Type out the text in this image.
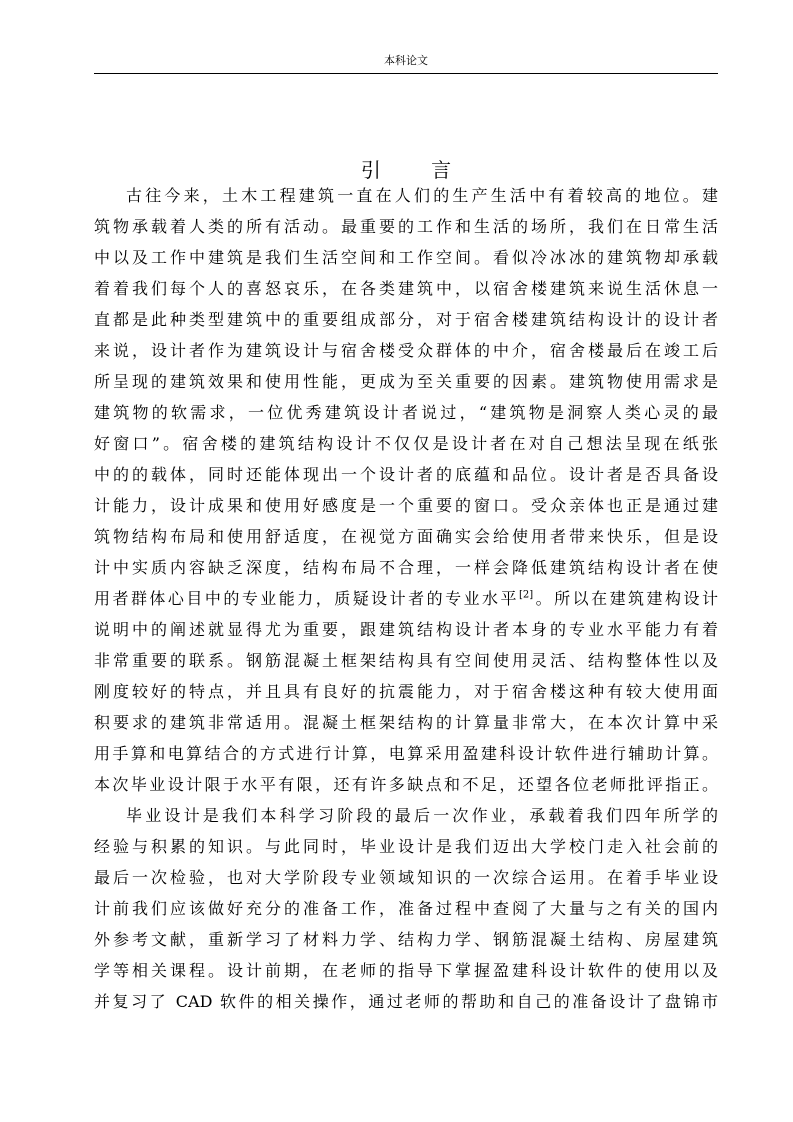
本科论文
引 言
古往今来，土木工程建筑一直在人们的生产生活中有着较高的地位。建
筑物承载着人类的所有活动。最重要的工作和生活的场所，我们在日常生活
中以及工作中建筑是我们生活空间和工作空间。看似冷冰冰的建筑物却承载
着着我们每个人的喜怒哀乐，在各类建筑中，以宿舍楼建筑来说生活休息一
直都是此种类型建筑中的重要组成部分，对于宿舍楼建筑结构设计的设计者
来说，设计者作为建筑设计与宿舍楼受众群体的中介，宿舍楼最后在竣工后
所呈现的建筑效果和使用性能，更成为至关重要的因素。建筑物使用需求是
建筑物的软需求，一位优秀建筑设计者说过，“建筑物是洞察人类心灵的最
好窗口”。宿舍楼的建筑结构设计不仅仅是设计者在对自己想法呈现在纸张
中的的载体，同时还能体现出一个设计者的底蕴和品位。设计者是否具备设
计能力，设计成果和使用好感度是一个重要的窗口。受众亲体也正是通过建
筑物结构布局和使用舒适度，在视觉方面确实会给使用者带来快乐，但是设
计中实质内容缺乏深度，结构布局不合理，一样会降低建筑结构设计者在使
用者群体心目中的专业能力，质疑设计者的专业水平[2]。所以在建筑建构设计
说明中的阐述就显得尤为重要，跟建筑结构设计者本身的专业水平能力有着
非常重要的联系。钢筋混凝土框架结构具有空间使用灵活、结构整体性以及
刚度较好的特点，并且具有良好的抗震能力，对于宿舍楼这种有较大使用面
积要求的建筑非常适用。混凝土框架结构的计算量非常大，在本次计算中采
用手算和电算结合的方式进行计算，电算采用盈建科设计软件进行辅助计算。
本次毕业设计限于水平有限，还有许多缺点和不足，还望各位老师批评指正。
毕业设计是我们本科学习阶段的最后一次作业，承载着我们四年所学的
经验与积累的知识。与此同时，毕业设计是我们迈出大学校门走入社会前的
最后一次检验，也对大学阶段专业领域知识的一次综合运用。在着手毕业设
计前我们应该做好充分的准备工作，准备过程中查阅了大量与之有关的国内
外参考文献，重新学习了材料力学、结构力学、钢筋混凝土结构、房屋建筑
学等相关课程。设计前期，在老师的指导下掌握盈建科设计软件的使用以及
并复习了 CAD 软件的相关操作，通过老师的帮助和自己的准备设计了盘锦市
